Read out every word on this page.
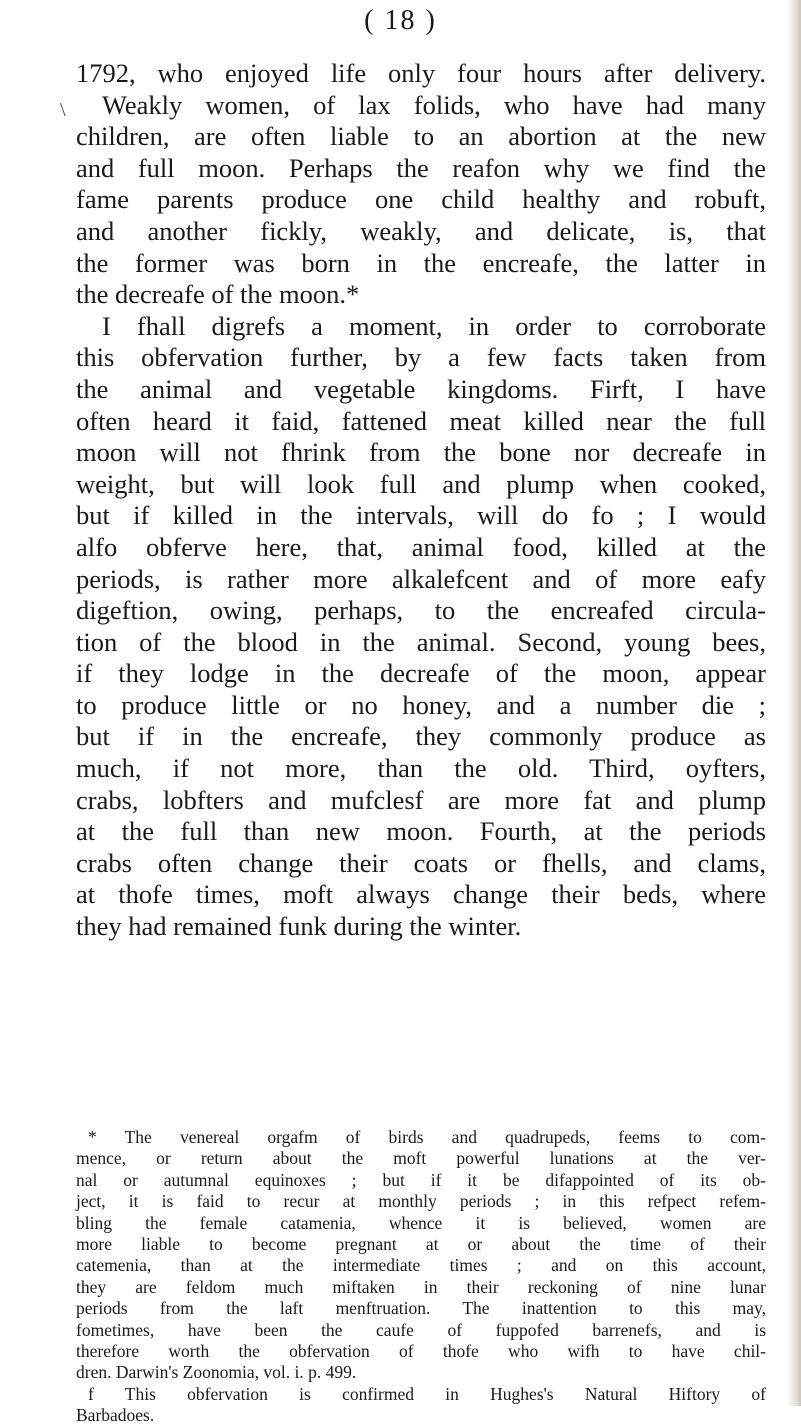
( 18 )
\
1792, who enjoyed life only four hours after delivery.
Weakly women, of lax folids, who have had many
children, are often liable to an abortion at the new
and full moon. Perhaps the reafon why we find the
fame parents produce one child healthy and robuft,
and another fickly, weakly, and delicate, is, that
the former was born in the encreafe, the latter in
the decreafe of the moon.*
I fhall digrefs a moment, in order to corroborate
this obfervation further, by a few facts taken from
the animal and vegetable kingdoms. Firft, I have
often heard it faid, fattened meat killed near the full
moon will not fhrink from the bone nor decreafe in
weight, but will look full and plump when cooked,
but if killed in the intervals, will do fo ; I would
alfo obferve here, that, animal food, killed at the
periods, is rather more alkalefcent and of more eafy
digeftion, owing, perhaps, to the encreafed circula-
tion of the blood in the animal. Second, young bees,
if they lodge in the decreafe of the moon, appear
to produce little or no honey, and a number die ;
but if in the encreafe, they commonly produce as
much, if not more, than the old. Third, oyfters,
crabs, lobfters and mufclesf are more fat and plump
at the full than new moon. Fourth, at the periods
crabs often change their coats or fhells, and clams,
at thofe times, moft always change their beds, where
they had remained funk during the winter.
* The venereal orgafm of birds and quadrupeds, feems to com-
mence, or return about the moft powerful lunations at the ver-
nal or autumnal equinoxes ; but if it be difappointed of its ob-
ject, it is faid to recur at monthly periods ; in this refpect refem-
bling the female catamenia, whence it is believed, women are
more liable to become pregnant at or about the time of their
catemenia, than at the intermediate times ; and on this account,
they are feldom much miftaken in their reckoning of nine lunar
periods from the laft menftruation. The inattention to this may,
fometimes, have been the caufe of fuppofed barrenefs, and is
therefore worth the obfervation of thofe who wifh to have chil-
dren. Darwin's Zoonomia, vol. i. p. 499.
f This obfervation is confirmed in Hughes's Natural Hiftory of
Barbadoes.
